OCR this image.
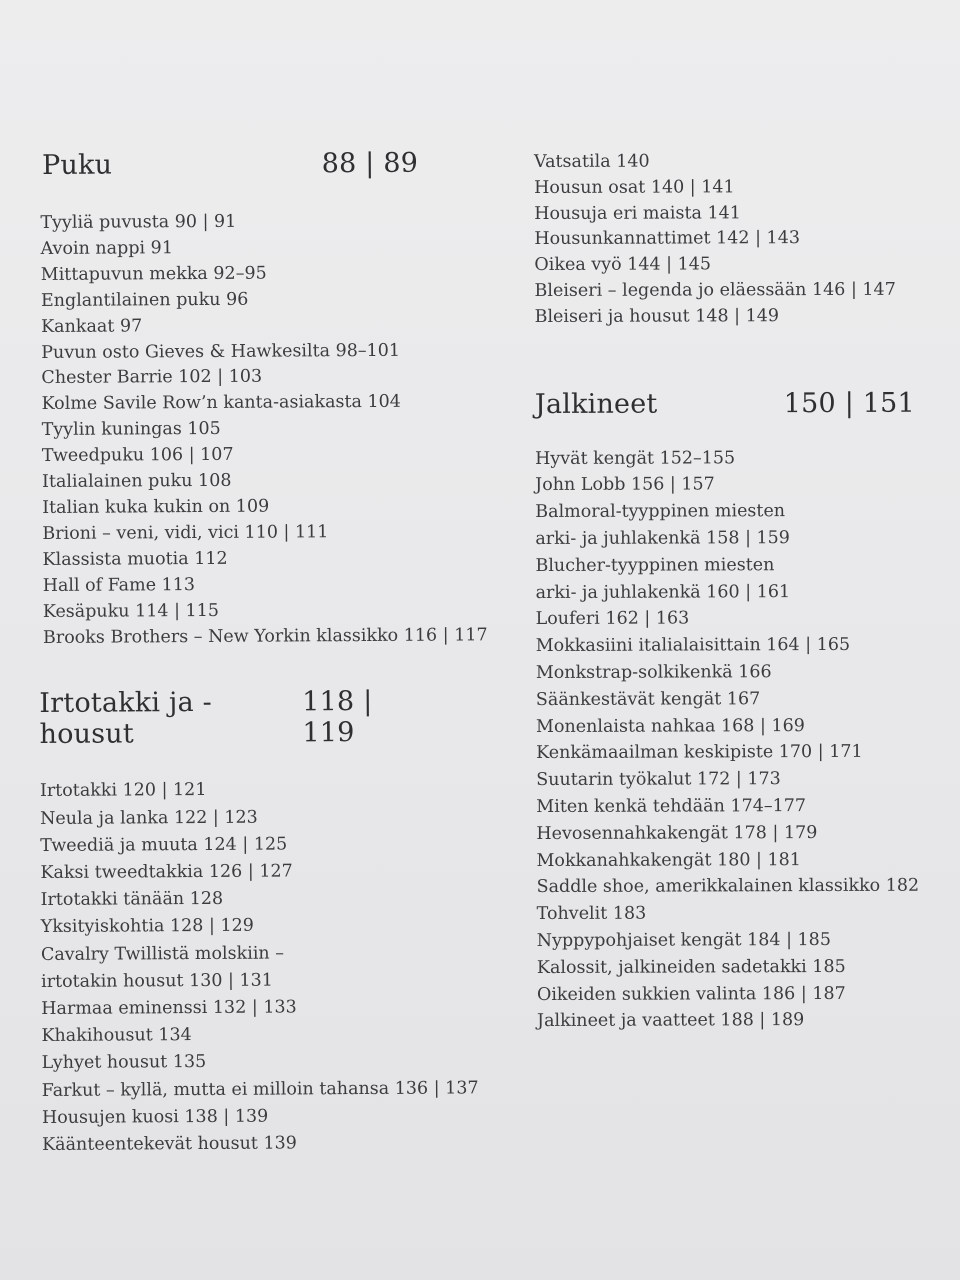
Puku	88 | 89
Tyyliä puvusta 90 | 91
Avoin nappi 91
Mittapuvun mekka 92–95
Englantilainen puku 96
Kankaat 97
Puvun osto Gieves & Hawkesilta 98–101
Chester Barrie 102 | 103
Kolme Savile Row’n kanta-asiakasta 104
Tyylin kuningas 105
Tweedpuku 106 | 107
Italialainen puku 108
Italian kuka kukin on 109
Brioni – veni, vidi, vici 110 | 111
Klassista muotia 112
Hall of Fame 113
Kesäpuku 114 | 115
Brooks Brothers – New Yorkin klassikko 116 | 117
Irtotakki ja -housut
118 | 119
Irtotakki 120 | 121
Neula ja lanka 122 | 123
Tweediä ja muuta 124 | 125
Kaksi tweedtakkia 126 | 127
Irtotakki tänään 128
Yksityiskohtia 128 | 129
Cavalry Twillistä molskiin –
irtotakin housut 130 | 131
Harmaa eminenssi 132 | 133
Khakihousut 134
Lyhyet housut 135
Farkut – kyllä, mutta ei milloin tahansa 136 | 137
Housujen kuosi 138 | 139
Käänteentekevät housut 139
Vatsatila 140
Housun osat 140 | 141
Housuja eri maista 141
Housunkannattimet 142 | 143
Oikea vyö 144 | 145
Bleiseri – legenda jo eläessään 146 | 147
Bleiseri ja housut 148 | 149
Jalkineet	150 | 151
Hyvät kengät 152–155
John Lobb 156 | 157
Balmoral-tyyppinen miesten
arki- ja juhlakenkä 158 | 159
Blucher-tyyppinen miesten
arki- ja juhlakenkä 160 | 161
Louferi 162 | 163
Mokkasiini italialaisittain 164 | 165
Monkstrap-solkikenkä 166
Säänkestävät kengät 167
Monenlaista nahkaa 168 | 169
Kenkämaailman keskipiste 170 | 171
Suutarin työkalut 172 | 173
Miten kenkä tehdään 174–177
Hevosennahkakengät 178 | 179
Mokkanahkakengät 180 | 181
Saddle shoe, amerikkalainen klassikko 182
Tohvelit 183
Nyppypohjaiset kengät 184 | 185
Kalossit, jalkineiden sadetakki 185
Oikeiden sukkien valinta 186 | 187
Jalkineet ja vaatteet 188 | 189
